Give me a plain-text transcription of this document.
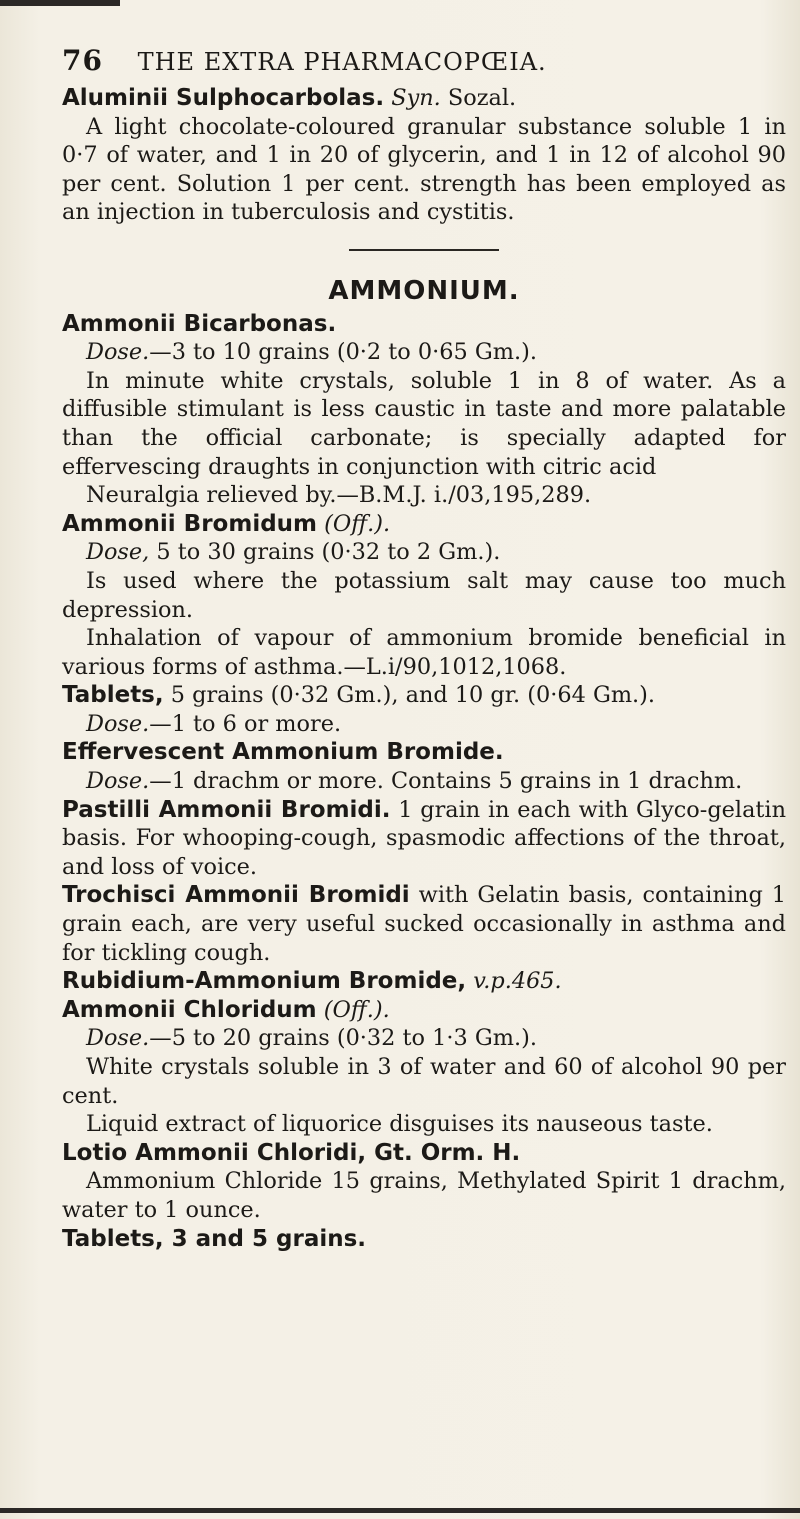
76 THE EXTRA PHARMACOPŒIA.

Aluminii Sulphocarbolas. Syn. Sozal.

A light chocolate-coloured granular substance soluble 1 in 0·7 of water, and 1 in 20 of glycerin, and 1 in 12 of alcohol 90 per cent. Solution 1 per cent. strength has been employed as an injection in tuberculosis and cystitis.

AMMONIUM.

Ammonii Bicarbonas.

Dose.—3 to 10 grains (0·2 to 0·65 Gm.).

In minute white crystals, soluble 1 in 8 of water. As a diffusible stimulant is less caustic in taste and more palatable than the official carbonate; is specially adapted for effervescing draughts in conjunction with citric acid

Neuralgia relieved by.—B.M.J. i./03,195,289.

Ammonii Bromidum (Off.).

Dose, 5 to 30 grains (0·32 to 2 Gm.).

Is used where the potassium salt may cause too much depression.

Inhalation of vapour of ammonium bromide beneficial in various forms of asthma.—L.i/90,1012,1068.

Tablets, 5 grains (0·32 Gm.), and 10 gr. (0·64 Gm.).

Dose.—1 to 6 or more.

Effervescent Ammonium Bromide.

Dose.—1 drachm or more. Contains 5 grains in 1 drachm.

Pastilli Ammonii Bromidi. 1 grain in each with Glyco-gelatin basis. For whooping-cough, spasmodic affections of the throat, and loss of voice.

Trochisci Ammonii Bromidi with Gelatin basis, containing 1 grain each, are very useful sucked occasionally in asthma and for tickling cough.

Rubidium-Ammonium Bromide, v.p.465.

Ammonii Chloridum (Off.).

Dose.—5 to 20 grains (0·32 to 1·3 Gm.).

White crystals soluble in 3 of water and 60 of alcohol 90 per cent.

Liquid extract of liquorice disguises its nauseous taste.

Lotio Ammonii Chloridi, Gt. Orm. H.

Ammonium Chloride 15 grains, Methylated Spirit 1 drachm, water to 1 ounce.

Tablets, 3 and 5 grains.
